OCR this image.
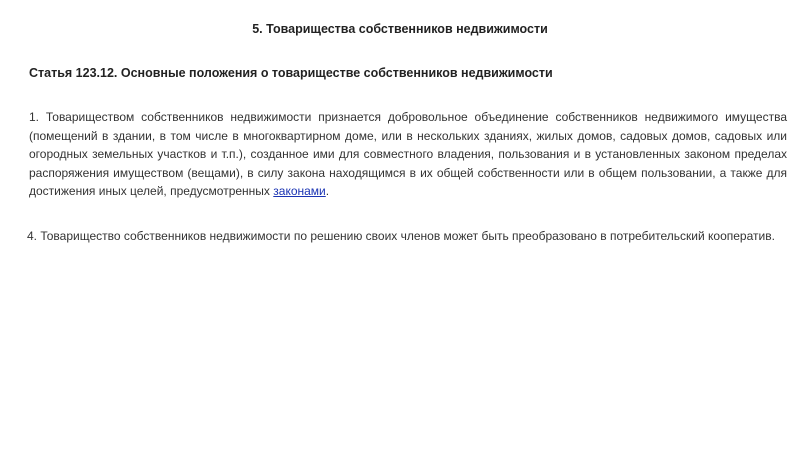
5. Товарищества собственников недвижимости
Статья 123.12. Основные положения о товариществе собственников недвижимости

1. Товариществом собственников недвижимости признается добровольное объединение собственников недвижимого имущества (помещений в здании, в том числе в многоквартирном доме, или в нескольких зданиях, жилых домов, садовых домов, садовых или огородных земельных участков и т.п.), созданное ими для совместного владения, пользования и в установленных законом пределах распоряжения имуществом (вещами), в силу закона находящимся в их общей собственности или в общем пользовании, а также для достижения иных целей, предусмотренных законами.

4. Товарищество собственников недвижимости по решению своих членов может быть преобразовано в потребительский кооператив.
